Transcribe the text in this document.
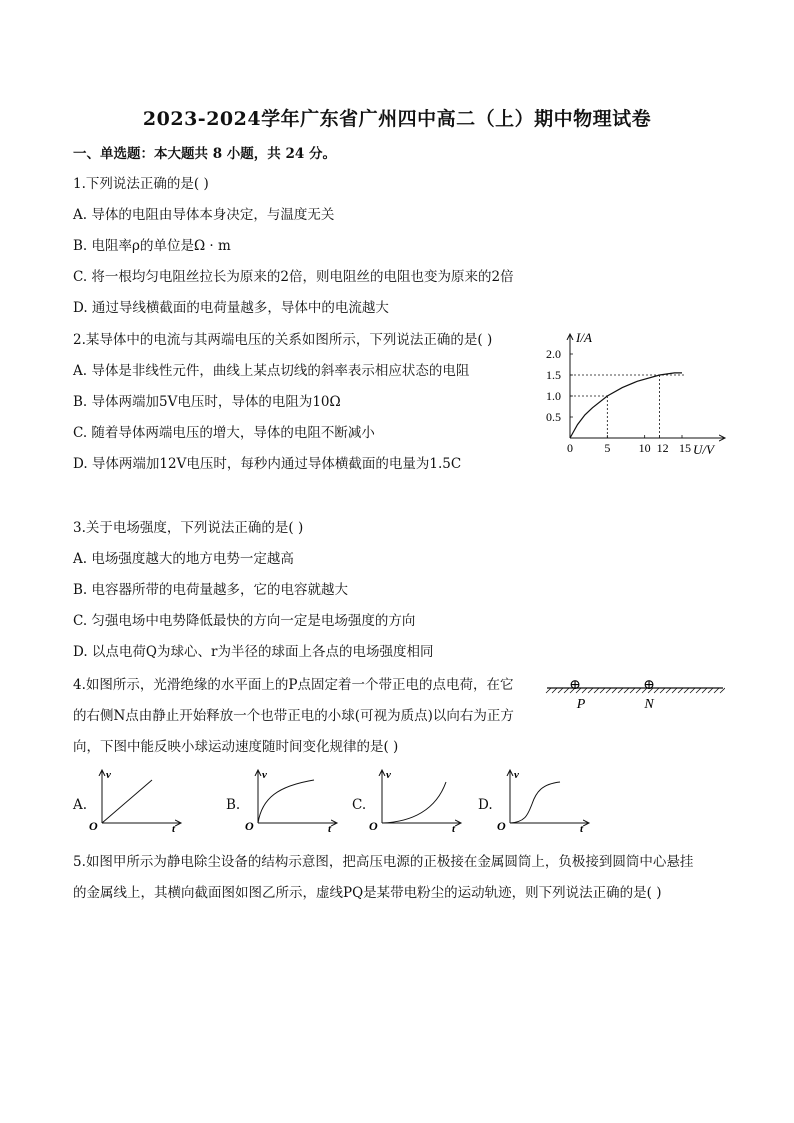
2023-2024学年广东省广州四中高二（上）期中物理试卷
一、单选题：本大题共 8 小题，共 24 分。
1.下列说法正确的是( )
A. 导体的电阻由导体本身决定，与温度无关
B. 电阻率ρ的单位是Ω · m
C. 将一根均匀电阻丝拉长为原来的2倍，则电阻丝的电阻也变为原来的2倍
D. 通过导线横截面的电荷量越多，导体中的电流越大
2.某导体中的电流与其两端电压的关系如图所示，下列说法正确的是( )
A. 导体是非线性元件，曲线上某点切线的斜率表示相应状态的电阻
B. 导体两端加5V电压时，导体的电阻为10Ω
C. 随着导体两端电压的增大，导体的电阻不断减小
D. 导体两端加12V电压时，每秒内通过导体横截面的电量为1.5C
0	5 10 12 15
0.5
1.0
1.5
2.0
I/A
U/V
3.关于电场强度，下列说法正确的是( )
A. 电场强度越大的地方电势一定越高
B. 电容器所带的电荷量越多，它的电容就越大
C. 匀强电场中电势降低最快的方向一定是电场强度的方向
D. 以点电荷Q为球心、r为半径的球面上各点的电场强度相同
4.如图所示，光滑绝缘的水平面上的P点固定着一个带正电的点电荷，在它
的右侧N点由静止开始释放一个也带正电的小球(可视为质点)以向右为正方
向，下图中能反映小球运动速度随时间变化规律的是( )
⊕	⊕
P	N
A.
v
t
O
B.
v
t
O
C.
v
t
O
D.
v
t
O
5.如图甲所示为静电除尘设备的结构示意图，把高压电源的正极接在金属圆筒上，负极接到圆筒中心悬挂
的金属线上，其横向截面图如图乙所示，虚线PQ是某带电粉尘的运动轨迹，则下列说法正确的是( )
